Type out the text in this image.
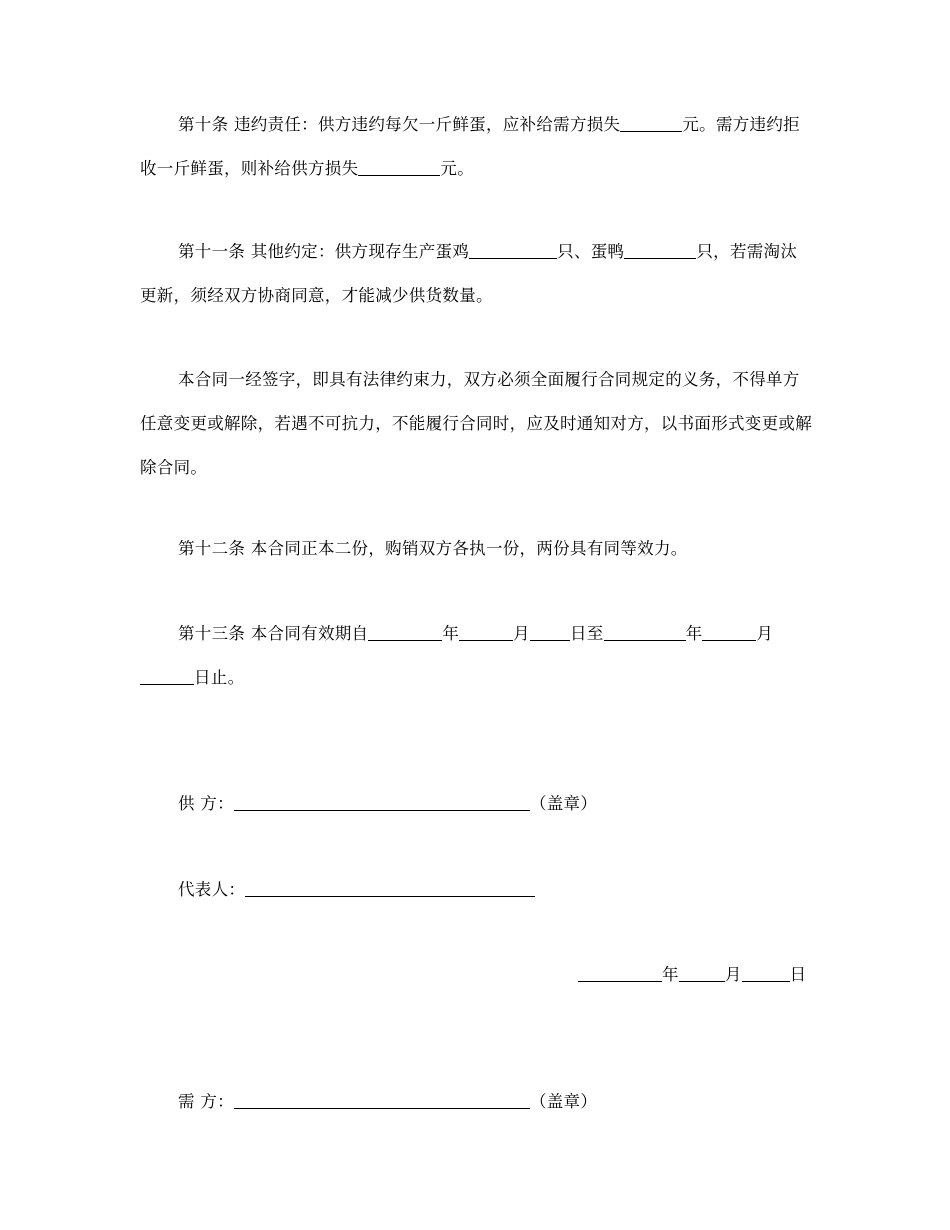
第十条 违约责任：供方违约每欠一斤鲜蛋，应补给需方损失	元。需方违约拒收一斤鲜蛋，则补给供方损失	元。
第十一条 其他约定：供方现存生产蛋鸡	只、蛋鸭	只，若需淘汰更新，须经双方协商同意，才能减少供货数量。
本合同一经签字，即具有法律约束力，双方必须全面履行合同规定的义务，不得单方任意变更或解除，若遇不可抗力，不能履行合同时，应及时通知对方，以书面形式变更或解除合同。
第十二条 本合同正本二份，购销双方各执一份，两份具有同等效力。
第十三条 本合同有效期自	年	月 日至	年	月日止。
供 方：	（盖章）
代表人：
年	月	日
需 方：	（盖章）
